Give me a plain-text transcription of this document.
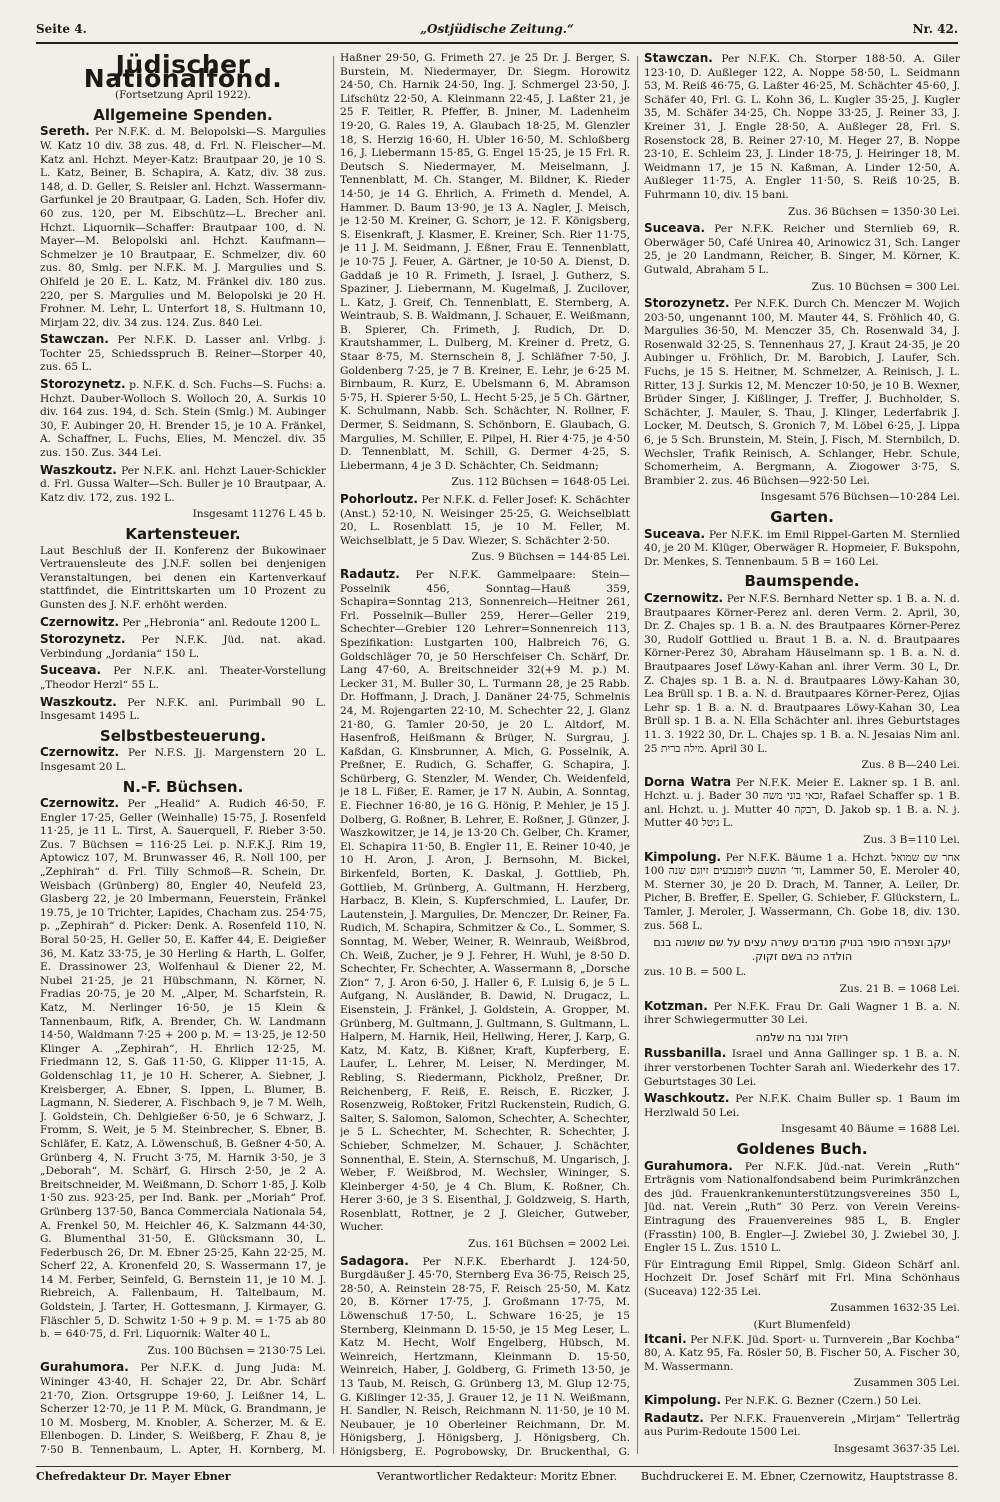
Seite 4.	„Ostjüdische Zeitung.“	Nr. 42.
Jüdischer Nationalfond.

(Fortsetzung April 1922).

Allgemeine Spenden.

Sereth. Per N.F.K. d. M. Belopolski—S. Margulies W. Katz 10 div. 38 zus. 48, d. Frl. N. Fleischer—M. Katz anl. Hchzt. Meyer-Katz: Brautpaar 20, je 10 S. L. Katz, Beiner, B. Schapira, A. Katz, div. 38 zus. 148, d. D. Geller, S. Reisler anl. Hchzt. Wassermann-Garfunkel je 20 Brautpaar, G. Laden, Sch. Hofer div. 60 zus. 120, per M. Eibschütz—L. Brecher anl. Hchzt. Liquornik—Schaffer: Brautpaar 100, d. N. Mayer—M. Belopolski anl. Hchzt. Kaufmann—Schmelzer je 10 Brautpaar, E. Schmelzer, div. 60 zus. 80, Smlg. per N.F.K. M. J. Margulies und S. Ohlfeld je 20 E. L. Katz, M. Fränkel div. 180 zus. 220, per S. Margulies und M. Belopolski je 20 H. Frohner. M. Lehr, L. Unterfort 18, S. Hultmann 10, Mirjam 22, div. 34 zus. 124. Zus. 840 Lei.

Stawczan. Per N.F.K. D. Lasser anl. Vrlbg. j. Tochter 25, Schiedsspruch B. Reiner—Storper 40, zus. 65 L.

Storozynetz. p. N.F.K. d. Sch. Fuchs—S. Fuchs: a. Hchzt. Dauber-Wolloch S. Wolloch 20, A. Surkis 10 div. 164 zus. 194, d. Sch. Stein (Smlg.) M. Aubinger 30, F. Aubinger 20, H. Brender 15, je 10 A. Fränkel, A. Schaffner, L. Fuchs, Elies, M. Menczel. div. 35 zus. 150. Zus. 344 Lei.

Waszkoutz. Per N.F.K. anl. Hchzt Lauer-Schickler d. Frl. Gussa Walter—Sch. Buller je 10 Brautpaar, A. Katz div. 172, zus. 192 L.

Insgesamt 11276 L 45 b.

Kartensteuer.

Laut Beschluß der II. Konferenz der Bukowinaer Vertrauensleute des J.N.F. sollen bei denjenigen Veranstaltungen, bei denen ein Kartenverkauf stattfindet, die Eintrittskarten um 10 Prozent zu Gunsten des J. N.F. erhöht werden.

Czernowitz. Per „Hebronia“ anl. Redoute 1200 L.

Storozynetz. Per N.F.K. Jüd. nat. akad. Verbindung „Jordania“ 150 L.

Suceava. Per N.F.K. anl. Theater-Vorstellung „Theodor Herzl“ 55 L.

Waszkoutz. Per N.F.K. anl. Purimball 90 L. Insgesamt 1495 L.

Selbstbesteuerung.

Czernowitz. Per N.F.S. Jj. Margenstern 20 L. Insgesamt 20 L.

N.-F. Büchsen.

Czernowitz. Per „Healid“ A. Rudich 46·50, F. Engler 17·25, Geller (Weinhalle) 15·75, J. Rosenfeld 11·25, je 11 L. Tirst, A. Sauerquell, F. Rieber 3·50. Zus. 7 Büchsen = 116·25 Lei. p. N.F.K.J. Rim 19, Aptowicz 107, M. Brunwasser 46, R. Noll 100, per „Zephirah“ d. Frl. Tilly Schmoß—R. Schein, Dr. Weisbach (Grünberg) 80, Engler 40, Neufeld 23, Glasberg 22, je 20 Imbermann, Feuerstein, Fränkel 19.75, je 10 Trichter, Lapides, Chacham zus. 254·75, p. „Zephirah“ d. Picker: Denk. A. Rosenfeld 110, N. Boral 50·25, H. Geller 50, E. Kaffer 44, E. Deigießer 36, M. Katz 33·75, je 30 Herling & Harth, L. Golfer, E. Drassinower 23, Wolfenhaul & Diener 22, M. Nubel 21·25, je 21 Hübschmann, N. Körner, N. Fradias 20·75, je 20 M. „Alper, M. Scharfstein, R. Katz, M. Nerlinger 16·50, je 15 Klein & Tannenbaum, Rifk, A. Brender, Ch. W. Landmann 14·50, Waldmann 7·25 + 200 p. M. = 13·25, je 12·50 Klinger A. „Zephirah“, H. Ehrlich 12·25, M. Friedmann 12, S. Gaß 11·50, G. Klipper 11·15, A. Goldenschlag 11, je 10 H. Scherer, A. Siebner, J. Kreisberger, A. Ebner, S. Ippen, L. Blumer, B. Lagmann, N. Siederer, A. Fischbach 9, je 7 M. Welh, J. Goldstein, Ch. Dehlgießer 6·50, je 6 Schwarz, J. Fromm, S. Weit, je 5 M. Steinbrecher, S. Ebner, B. Schläfer, E. Katz, A. Löwenschuß, B. Geßner 4·50, A. Grünberg 4, N. Frucht 3·75, M. Harnik 3·50, je 3 „Deborah“, M. Schärf, G. Hirsch 2·50, je 2 A. Breitschneider, M. Weißmann, D. Schorr 1·85, J. Kolb 1·50 zus. 923·25, per Ind. Bank. per „Moriah“ Prof. Grünberg 137·50, Banca Commerciala Nationala 54, A. Frenkel 50, M. Heichler 46, K. Salzmann 44·30, G. Blumenthal 31·50, E. Glücksmann 30, L. Federbusch 26, Dr. M. Ebner 25·25, Kahn 22·25, M. Scherf 22, A. Kronenfeld 20, S. Wassermann 17, je 14 M. Ferber, Seinfeld, G. Bernstein 11, je 10 M. J. Riebreich, A. Fallenbaum, H. Taltelbaum, M. Goldstein, J. Tarter, H. Gottesmann, J. Kirmayer, G. Fläschler 5, D. Schwitz 1·50 + 9 p. M. = 1·75 ab 80 b. = 640·75, d. Frl. Liquornik: Walter 40 L.

Zus. 100 Büchsen = 2130·75 Lei.

Gurahumora. Per N.F.K. d. Jung Juda: M. Wininger 43·40, H. Schajer 22, Dr. Abr. Schärf 21·70, Zion. Ortsgruppe 19·60, J. Leißner 14, L. Scherzer 12·70, je 11 P. M. Mück, G. Brandmann, je 10 M. Mosberg, M. Knobler, A. Scherzer, M. & E. Ellenbogen. D. Linder, S. Weißberg, F. Zhau 8, je 7·50 B. Tennenbaum, L. Apter, H. Kornberg, M.

Haßner 29·50, G. Frimeth 27. je 25 Dr. J. Berger, S. Burstein, M. Niedermayer, Dr. Siegm. Horowitz 24·50, Ch. Harnik 24·50, Ing. J. Schmergel 23·50, J. Lifschütz 22·50, A. Kleinmann 22·45, J. Laßter 21, je 25 F. Teitler, R. Pfeffer, B. Jniner, M. Ladenheim 19·20, G. Rales 19, A. Glaubach 18·25, M. Glenzler 18, S. Herzig 16·60, H. Ubler 16·50, M. Schloßberg 16, J. Liebermann 15·85, G. Engel 15·25, je 15 Frl. R. Deutsch S. Niedermayer, M. Meiselmann, J. Tennenblatt, M. Ch. Stanger, M. Bildner, K. Rieder 14·50, je 14 G. Ehrlich, A. Frimeth d. Mendel, A. Hammer. D. Baum 13·90, je 13 A. Nagler, J. Meisch, je 12·50 M. Kreiner, G. Schorr, je 12. F. Königsberg, S. Eisenkraft, J. Klasmer, E. Kreiner, Sch. Rier 11·75, je 11 J. M. Seidmann, J. Eßner, Frau E. Tennenblatt, je 10·75 J. Feuer, A. Gärtner, je 10·50 A. Dienst, D. Gaddaß je 10 R. Frimeth, J. Israel, J. Gutherz, S. Spaziner, J. Liebermann, M. Kugelmaß, J. Zucilover, L. Katz, J. Greif, Ch. Tennenblatt, E. Sternberg, A. Weintraub, S. B. Waldmann, J. Schauer, E. Weißmann, B. Spierer, Ch. Frimeth, J. Rudich, Dr. D. Krautshammer, L. Dulberg, M. Kreiner d. Pretz, G. Staar 8·75, M. Sternschein 8, J. Schläfner 7·50, J. Goldenberg 7·25, je 7 B. Kreiner, E. Lehr, je 6·25 M. Birnbaum, R. Kurz, E. Ubelsmann 6, M. Abramson 5·75, H. Spierer 5·50, L. Hecht 5·25, je 5 Ch. Gärtner, K. Schulmann, Nabb. Sch. Schächter, N. Rollner, F. Dermer, S. Seidmann, S. Schönborn, E. Glaubach, G. Margulies, M. Schiller, E. Pilpel, H. Rier 4·75, je 4·50 D. Tennenblatt, M. Schill, G. Dermer 4·25, S. Liebermann, 4 je 3 D. Schächter, Ch. Seidmann;

Zus. 112 Büchsen = 1648·05 Lei.

Pohorloutz. Per N.F.K. d. Feller Josef: K. Schächter (Anst.) 52·10, N. Weisinger 25·25, G. Weichselblatt 20, L. Rosenblatt 15, je 10 M. Feller, M. Weichselblatt, je 5 Dav. Wiezer, S. Schächter 2·50.

Zus. 9 Büchsen = 144·85 Lei.

Radautz. Per N.F.K. Gammelpaare: Stein—Posselnik 456, Sonntag—Hauß 359, Schapira=Sonntag 213, Sonnenreich—Heitner 261, Frl. Posselnik—Buller 259, Herer—Geller 219, Schechter—Grebier 120 Lehrer=Sonnenreich 113, Spezifikation: Lustgarten 100, Halbreich 76, G. Goldschläger 70, je 50 Herschfeiser Ch. Schärf, Dr. Lang 47·60, A. Breitschneider 32(+9 M. p.) M. Lecker 31, M. Buller 30, L. Turmann 28, je 25 Rabb. Dr. Hoffmann, J. Drach, J. Danäner 24·75, Schmelnis 24, M. Rojengarten 22·10, M. Schechter 22, J. Glanz 21·80, G. Tamler 20·50, je 20 L. Altdorf, M. Hasenfroß, Heißmann & Brüger, N. Surgrau, J. Kaßdan, G. Kinsbrunner, A. Mich, G. Posselnik, A. Preßner, E. Rudich, G. Schaffer, G. Schapira, J. Schürberg, G. Stenzler, M. Wender, Ch. Weidenfeld, je 18 L. Fißer, E. Ramer, je 17 N. Aubin, A. Sonntag, E. Fiechner 16·80, je 16 G. Hönig, P. Mehler, je 15 J. Dolberg, G. Roßner, B. Lehrer, E. Roßner, J. Günzer, J. Waszkowitzer, je 14, je 13·20 Ch. Gelber, Ch. Kramer, El. Schapira 11·50, B. Engler 11, E. Reiner 10·40, je 10 H. Aron, J. Aron, J. Bernsohn, M. Bickel, Birkenfeld, Borten, K. Daskal, J. Gottlieb, Ph. Gottlieb, M. Grünberg, A. Gultmann, H. Herzberg, Harbacz, B. Klein, S. Kupferschmied, L. Laufer, Dr. Lautenstein, J. Margulies, Dr. Menczer, Dr. Reiner, Fa. Rudich, M. Schapira, Schmitzer & Co., L. Sommer, S. Sonntag, M. Weber, Weiner, R. Weinraub, Weißbrod, Ch. Weiß, Zucher, je 9 J. Fehrer, H. Wuhl, je 8·50 D. Schechter, Fr. Schechter, A. Wassermann 8, „Dorsche Zion“ 7, J. Aron 6·50, J. Haller 6, F. Luisig 6, je 5 L. Aufgang, N. Ausländer, B. Dawid, N. Drugacz, L. Eisenstein, J. Fränkel, J. Goldstein, A. Gropper, M. Grünberg, M. Gultmann, J. Gultmann, S. Gultmann, L. Halpern, M. Harnik, Heil, Hellwing, Herer, J. Karp, G. Katz, M. Katz, B. Kißner, Kraft, Kupferberg, E. Laufer, L. Lehrer, M. Leiser, N. Merdinger, M. Rebling, S. Riedermann, Pickholz, Preßner, Dr. Reichenberg, F. Reiß, E. Reisch, E. Riczker, J. Rosenzweig, Roßtoker, Fritzl Ruckenstein, Rudich, G. Salter, S. Salomon, Salomon, Schechter, A. Schechter, je 5 L. Schechter, M. Schechter, R. Schechter, J. Schieber, Schmelzer, M. Schauer, J. Schächter, Sonnenthal, E. Stein, A. Sternschuß, M. Ungarisch, J. Weber, F. Weißbrod, M. Wechsler, Wininger, S. Kleinberger 4·50, je 4 Ch. Blum, K. Roßner, Ch. Herer 3·60, je 3 S. Eisenthal, J. Goldzweig, S. Harth, Rosenblatt, Rottner, je 2 J. Gleicher, Gutweber, Wucher.

Zus. 161 Büchsen = 2002 Lei.

Sadagora. Per N.F.K. Eberhardt J. 124·50, Burgdäußer J. 45·70, Sternberg Eva 36·75, Reisch 25, 28·50, A. Reinstein 28·75, F. Reisch 25·50, M. Katz 20, B. Körner 17·75, J. Großmann 17·75, M. Löwenschuß 17·50, L. Schware 16·25, je 15 Sternberg, Kleinmann D. 15·50, je 15 Meg Leser, L. Katz M. Hecht, Wolf Engelberg, Hübsch, M. Weinreich, Hertzmann, Kleinmann D. 15·50, Weinreich, Haber, J. Goldberg, G. Frimeth 13·50, je 13 Taub, M. Reisch, G. Grünberg 13, M. Glup 12·75, G. Kißlinger 12·35, J. Grauer 12, je 11 N. Weißmann, H. Sandler, N. Reisch, Reichmann N. 11·50, je 10 M. Neubauer, je 10 Oberleiner Reichmann, Dr. M. Hönigsberg, J. Hönigsberg, J. Hönigsberg, Ch. Hönigsberg, E. Pogrobowsky, Dr. Bruckenthal, G.

Stawczan. Per N.F.K. Ch. Storper 188·50. A. Giler 123·10, D. Außleger 122, A. Noppe 58·50, L. Seidmann 53, M. Reiß 46·75, G. Laßter 46·25, M. Schächter 45·60, J. Schäfer 40, Frl. G. L. Kohn 36, L. Kugler 35·25, J. Kugler 35, M. Schäfer 34·25, Ch. Noppe 33·25, J. Reiner 33, J. Kreiner 31, J. Engle 28·50, A. Außleger 28, Frl. S. Rosenstock 28, B. Reiner 27·10, M. Heger 27, B. Noppe 23·10, E. Schleim 23, J. Linder 18·75, J. Heiringer 18, M. Weidmann 17, je 15 N. Kaßman, A. Linder 12·50, A. Außleger 11·75, A. Engler 11·50, S. Reiß 10·25, B. Fuhrmann 10, div. 15 bani.

Zus. 36 Büchsen = 1350·30 Lei.

Suceava. Per N.F.K. Reicher und Sternlieb 69, R. Oberwäger 50, Café Unirea 40, Arinowicz 31, Sch. Langer 25, je 20 Landmann, Reicher, B. Singer, M. Körner, K. Gutwald, Abraham 5 L.

Zus. 10 Büchsen = 300 Lei.

Storozynetz. Per N.F.K. Durch Ch. Menczer M. Wojich 203·50, ungenannt 100, M. Mauter 44, S. Fröhlich 40, G. Margulies 36·50, M. Menczer 35, Ch. Rosenwald 34, J. Rosenwald 32·25, S. Tennenhaus 27, J. Kraut 24·35, je 20 Aubinger u. Fröhlich, Dr. M. Barobich, J. Laufer, Sch. Fuchs, je 15 S. Heitner, M. Schmelzer, A. Reinisch, J. L. Ritter, 13 J. Surkis 12, M. Menczer 10·50, je 10 B. Wexner, Brüder Singer, J. Kißlinger, J. Treffer, J. Buchholder, S. Schächter, J. Mauler, S. Thau, J. Klinger, Lederfabrik J. Locker, M. Deutsch, S. Gronich 7, M. Löbel 6·25, J. Lippa 6, je 5 Sch. Brunstein, M. Stein, J. Fisch, M. Sternbilch, D. Wechsler, Trafik Reinisch, A. Schlanger, Hebr. Schule, Schomerheim, A. Bergmann, A. Ziogower 3·75, S. Brambier 2. zus. 46 Büchsen—922·50 Lei.

Insgesamt 576 Büchsen—10·284 Lei.

Garten.

Suceava. Per N.F.K. im Emil Rippel-Garten M. Sternlied 40, je 20 M. Klüger, Oberwäger R. Hopmeier, F. Bukspohn, Dr. Menkes, S. Tennenbaum. 5 B = 160 Lei.

Baumspende.

Czernowitz. Per N.F.S. Bernhard Netter sp. 1 B. a. N. d. Brautpaares Körner-Perez anl. deren Verm. 2. April, 30, Dr. Z. Chajes sp. 1 B. a. N. des Brautpaares Körner-Perez 30, Rudolf Gottlied u. Braut 1 B. a. N. d. Brautpaares Körner-Perez 30, Abraham Häuselmann sp. 1 B. a. N. d. Brautpaares Josef Löwy-Kahan anl. ihrer Verm. 30 L, Dr. Z. Chajes sp. 1 B. a. N. d. Brautpaares Löwy-Kahan 30, Lea Brüll sp. 1 B. a. N. d. Brautpaares Körner-Perez, Ojias Lehr sp. 1 B. a. N. d. Brautpaares Löwy-Kahan 30, Lea Brüll sp. 1 B. a. N. Ella Schächter anl. ihres Geburtstages 11. 3. 1922 30, Dr. L. Chajes sp. 1 B. a. N. Jesaias Nim anl. מילה ברית 25. April 30 L.

Zus. 8 B—240 Lei.

Dorna Watra Per N.F.K. Meier E. Lakner sp. 1 B. anl. Hchzt. u. j. Bader זכאי בוני משה 30, Rafael Schaffer sp. 1 B. anl. Hchzt. u. j. Mutter רבקה 40, D. Jakob sp. 1 B. a. N. j. Mutter גיטל 40 L.

Zus. 3 B=110 Lei.

Kimpolung. Per N.F.K. Bäume 1 a. Hchzt. אחר שם שמואל וד‘ הושעם ליופנבעים זיוגם שנה 100, Lammer 50, E. Meroler 40, M. Sterner 30, je 20 D. Drach, M. Tanner, A. Leiler, Dr. Picher, B. Breffer, E. Speller, G. Schieber, F. Glückstern, L. Tamler, J. Meroler, J. Wassermann, Ch. Gobe 18, div. 130. zus. 568 L.

יעקב וצפרה סופר בנויק מנדבים עשרה עצים על שם שושנה בנם הולדה כה בשם זקוק.

zus. 10 B. = 500 L.

Zus. 21 B. = 1068 Lei.

Kotzman. Per N.F.K. Frau Dr. Gali Wagner 1 B. a. N. ihrer Schwiegermutter 30 Lei.

ריוזל וגנר בת שלמה

Russbanilla. Israel und Anna Gallinger sp. 1 B. a. N. ihrer verstorbenen Tochter Sarah anl. Wiederkehr des 17. Geburtstages 30 Lei.

Waschkoutz. Per N.F.K. Chaim Buller sp. 1 Baum im Herzlwald 50 Lei.

Insgesamt 40 Bäume = 1688 Lei.

Goldenes Buch.

Gurahumora. Per N.F.K. Jüd.-nat. Verein „Ruth“ Erträgnis vom Nationalfondsabend beim Purimkränzchen des jüd. Frauenkrankenunterstützungsvereines 350 L, Jüd. nat. Verein „Ruth“ 30 Perz. von Verein Vereins-Eintragung des Frauenvereines 985 L, B. Engler (Frasstin) 100, B. Engler—J. Zwiebel 30, J. Zwiebel 30, J. Engler 15 L. Zus. 1510 L.

Für Eintragung Emil Rippel, Smlg. Gideon Schärf anl. Hochzeit Dr. Josef Schärf mit Frl. Mina Schönhaus (Suceava) 122·35 Lei.

Zusammen 1632·35 Lei.

(Kurt Blumenfeld)

Itcani. Per N.F.K. Jüd. Sport- u. Turnverein „Bar Kochba“ 80, A. Katz 95, Fa. Rösler 50, B. Fischer 50, A. Fischer 30, M. Wassermann.

Zusammen 305 Lei.

Kimpolung. Per N.F.K. G. Bezner (Czern.) 50 Lei.

Radautz. Per N.F.K. Frauenverein „Mirjam“ Tellerträg aus Purim-Redoute 1500 Lei.

Insgesamt 3637·35 Lei.

Chefredakteur Dr. Mayer Ebner	Verantwortlicher Redakteur: Moritz Ebner.	Buchdruckerei E. M. Ebner, Czernowitz, Hauptstrasse 8.
